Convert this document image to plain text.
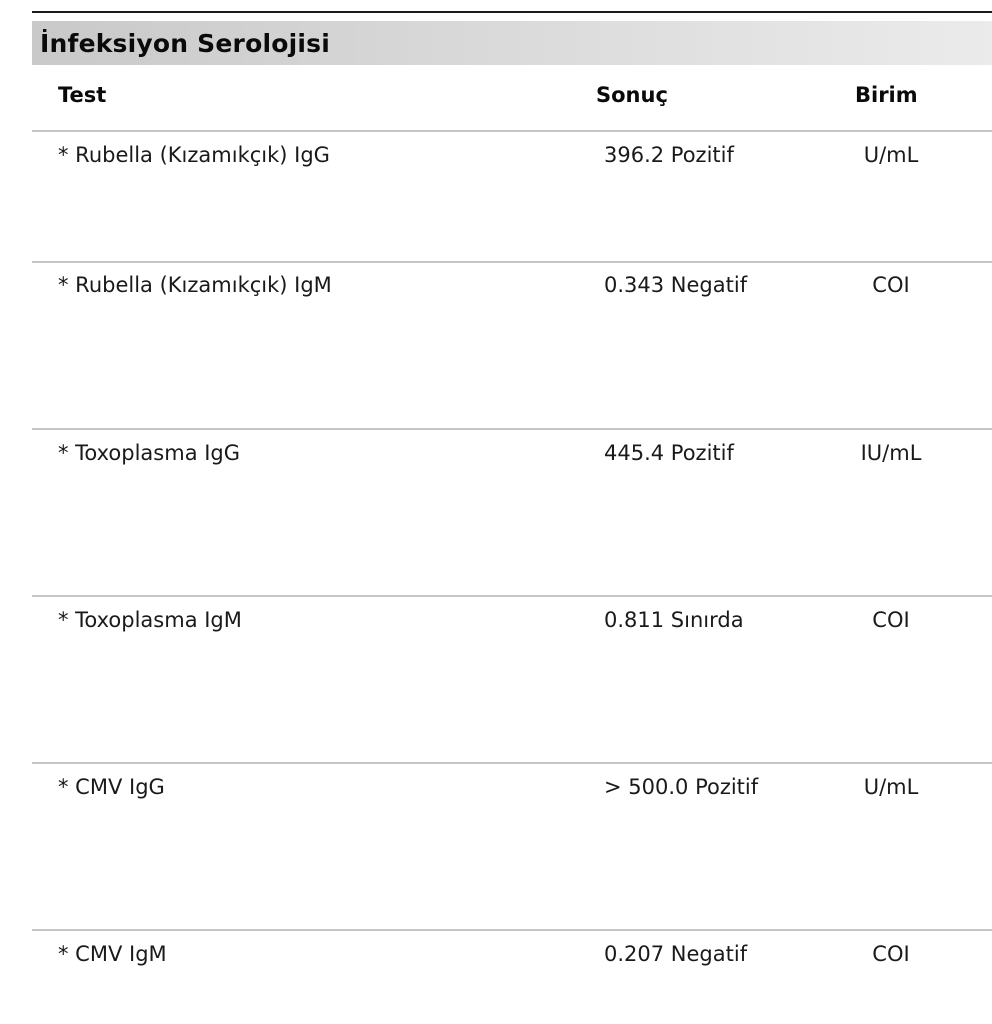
İnfeksiyon Serolojisi
Test	Sonuç	Birim
* Rubella (Kızamıkçık) IgG	396.2 Pozitif	U/mL
* Rubella (Kızamıkçık) IgM	0.343 Negatif	COI
* Toxoplasma IgG	445.4 Pozitif	IU/mL
* Toxoplasma IgM	0.811 Sınırda	COI
* CMV IgG	> 500.0 Pozitif	U/mL
* CMV IgM	0.207 Negatif	COI
